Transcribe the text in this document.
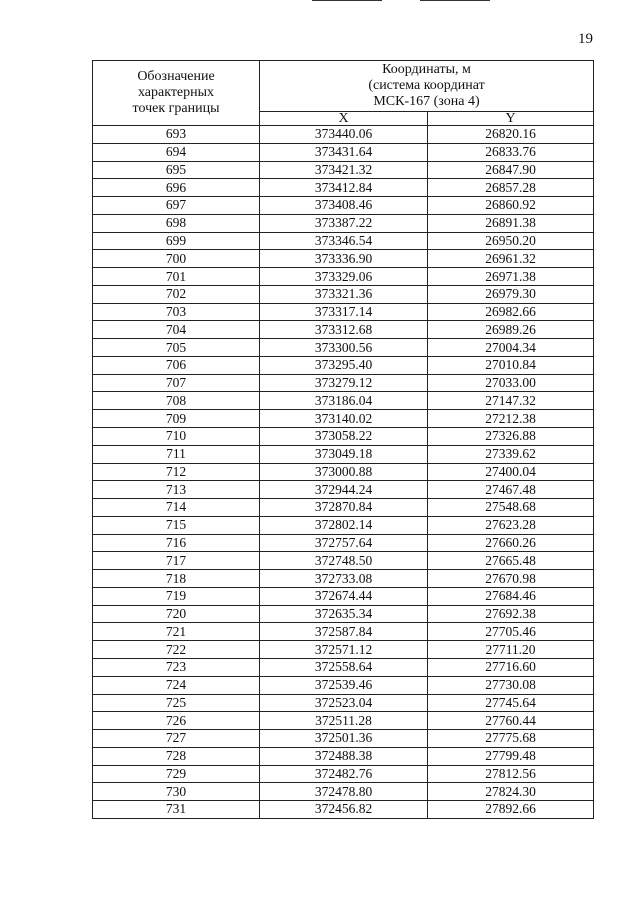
19
Обозначение
характерных
точек границы	Координаты, м
(система координат
МСК-167 (зона 4)	

	X	Y
693	373440.06	26820.16
694	373431.64	26833.76
695	373421.32	26847.90
696	373412.84	26857.28
697	373408.46	26860.92
698	373387.22	26891.38
699	373346.54	26950.20
700	373336.90	26961.32
701	373329.06	26971.38
702	373321.36	26979.30
703	373317.14	26982.66
704	373312.68	26989.26
705	373300.56	27004.34
706	373295.40	27010.84
707	373279.12	27033.00
708	373186.04	27147.32
709	373140.02	27212.38
710	373058.22	27326.88
711	373049.18	27339.62
712	373000.88	27400.04
713	372944.24	27467.48
714	372870.84	27548.68
715	372802.14	27623.28
716	372757.64	27660.26
717	372748.50	27665.48
718	372733.08	27670.98
719	372674.44	27684.46
720	372635.34	27692.38
721	372587.84	27705.46
722	372571.12	27711.20
723	372558.64	27716.60
724	372539.46	27730.08
725	372523.04	27745.64
726	372511.28	27760.44
727	372501.36	27775.68
728	372488.38	27799.48
729	372482.76	27812.56
730	372478.80	27824.30
731	372456.82	27892.66
